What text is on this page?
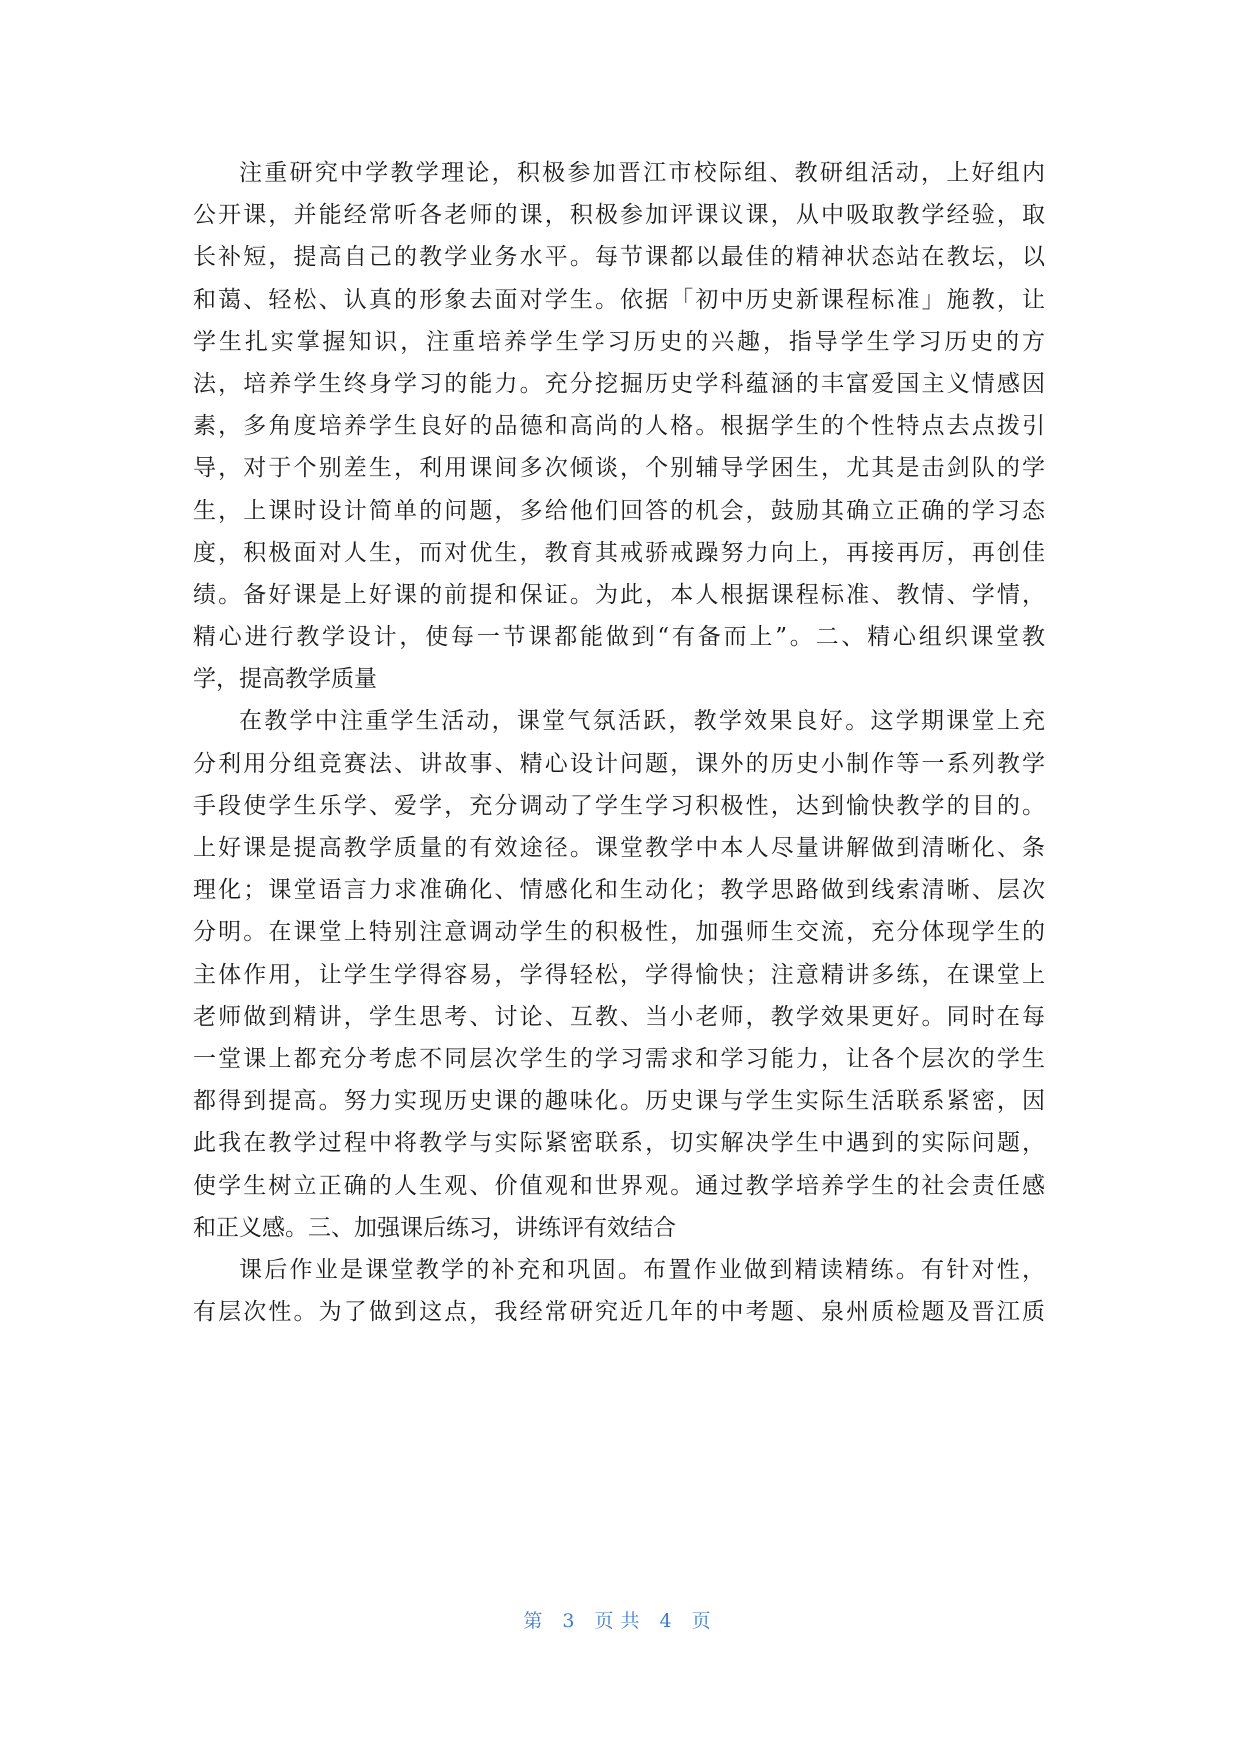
注重研究中学教学理论，积极参加晋江市校际组、教研组活动，上好组内
公开课，并能经常听各老师的课，积极参加评课议课，从中吸取教学经验，取
长补短，提高自己的教学业务水平。每节课都以最佳的精神状态站在教坛，以
和蔼、轻松、认真的形象去面对学生。依据「初中历史新课程标准」施教，让
学生扎实掌握知识，注重培养学生学习历史的兴趣，指导学生学习历史的方
法，培养学生终身学习的能力。充分挖掘历史学科蕴涵的丰富爱国主义情感因
素，多角度培养学生良好的品德和高尚的人格。根据学生的个性特点去点拨引
导，对于个别差生，利用课间多次倾谈，个别辅导学困生，尤其是击剑队的学
生，上课时设计简单的问题，多给他们回答的机会，鼓励其确立正确的学习态
度，积极面对人生，而对优生，教育其戒骄戒躁努力向上，再接再厉，再创佳
绩。备好课是上好课的前提和保证。为此，本人根据课程标准、教情、学情，
精心进行教学设计，使每一节课都能做到“有备而上”。二、精心组织课堂教
学，提高教学质量
在教学中注重学生活动，课堂气氛活跃，教学效果良好。这学期课堂上充
分利用分组竞赛法、讲故事、精心设计问题，课外的历史小制作等一系列教学
手段使学生乐学、爱学，充分调动了学生学习积极性，达到愉快教学的目的。
上好课是提高教学质量的有效途径。课堂教学中本人尽量讲解做到清晰化、条
理化；课堂语言力求准确化、情感化和生动化；教学思路做到线索清晰、层次
分明。在课堂上特别注意调动学生的积极性，加强师生交流，充分体现学生的
主体作用，让学生学得容易，学得轻松，学得愉快；注意精讲多练，在课堂上
老师做到精讲，学生思考、讨论、互教、当小老师，教学效果更好。同时在每
一堂课上都充分考虑不同层次学生的学习需求和学习能力，让各个层次的学生
都得到提高。努力实现历史课的趣味化。历史课与学生实际生活联系紧密，因
此我在教学过程中将教学与实际紧密联系，切实解决学生中遇到的实际问题，
使学生树立正确的人生观、价值观和世界观。通过教学培养学生的社会责任感
和正义感。三、加强课后练习，讲练评有效结合
课后作业是课堂教学的补充和巩固。布置作业做到精读精练。有针对性，
有层次性。为了做到这点，我经常研究近几年的中考题、泉州质检题及晋江质
第 3 页共 4 页
